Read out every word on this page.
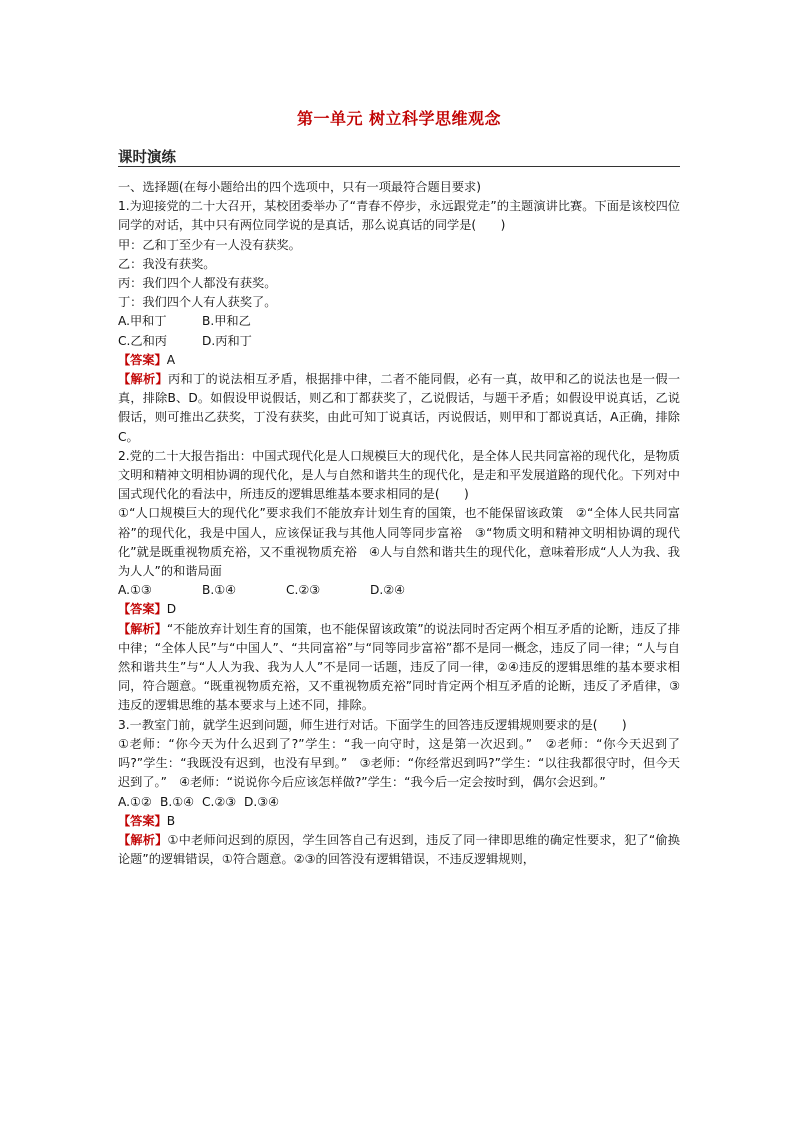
第一单元 树立科学思维观念
课时演练

一、选择题(在每小题给出的四个选项中，只有一项最符合题目要求)

1.为迎接党的二十大召开，某校团委举办了“青春不停步，永远跟党走”的主题演讲比赛。下面是该校四位同学的对话，其中只有两位同学说的是真话，那么说真话的同学是(　　)

甲：乙和丁至少有一人没有获奖。

乙：我没有获奖。

丙：我们四个人都没有获奖。

丁：我们四个人有人获奖了。

A.甲和丁	B.甲和乙

C.乙和丙	D.丙和丁

【答案】A

【解析】丙和丁的说法相互矛盾，根据排中律，二者不能同假，必有一真，故甲和乙的说法也是一假一真，排除B、D。如假设甲说假话，则乙和丁都获奖了，乙说假话，与题干矛盾；如假设甲说真话，乙说假话，则可推出乙获奖，丁没有获奖，由此可知丁说真话，丙说假话，则甲和丁都说真话，A正确，排除C。

2.党的二十大报告指出：中国式现代化是人口规模巨大的现代化，是全体人民共同富裕的现代化，是物质文明和精神文明相协调的现代化，是人与自然和谐共生的现代化，是走和平发展道路的现代化。下列对中国式现代化的看法中，所违反的逻辑思维基本要求相同的是(　　)

①“人口规模巨大的现代化”要求我们不能放弃计划生育的国策，也不能保留该政策　②“全体人民共同富裕”的现代化，我是中国人，应该保证我与其他人同等同步富裕　③“物质文明和精神文明相协调的现代化”就是既重视物质充裕，又不重视物质充裕　④人与自然和谐共生的现代化，意味着形成“人人为我、我为人人”的和谐局面

A.①③	B.①④	C.②③	D.②④

【答案】D

【解析】“不能放弃计划生育的国策，也不能保留该政策”的说法同时否定两个相互矛盾的论断，违反了排中律；“全体人民”与“中国人”、“共同富裕”与“同等同步富裕”都不是同一概念，违反了同一律；“人与自然和谐共生”与“人人为我、我为人人”不是同一话题，违反了同一律，②④违反的逻辑思维的基本要求相同，符合题意。“既重视物质充裕，又不重视物质充裕”同时肯定两个相互矛盾的论断，违反了矛盾律，③违反的逻辑思维的基本要求与上述不同，排除。

3.一教室门前，就学生迟到问题，师生进行对话。下面学生的回答违反逻辑规则要求的是(　　)

①老师：“你今天为什么迟到了?”学生：“我一向守时，这是第一次迟到。”　②老师：“你今天迟到了吗?”学生：“我既没有迟到，也没有早到。”　③老师：“你经常迟到吗?”学生：“以往我都很守时，但今天迟到了。”　④老师：“说说你今后应该怎样做?”学生：“我今后一定会按时到，偶尔会迟到。”

A.①② B.①④ C.②③ D.③④

【答案】B

【解析】①中老师问迟到的原因，学生回答自己有迟到，违反了同一律即思维的确定性要求，犯了“偷换论题”的逻辑错误，①符合题意。②③的回答没有逻辑错误，不违反逻辑规则，
